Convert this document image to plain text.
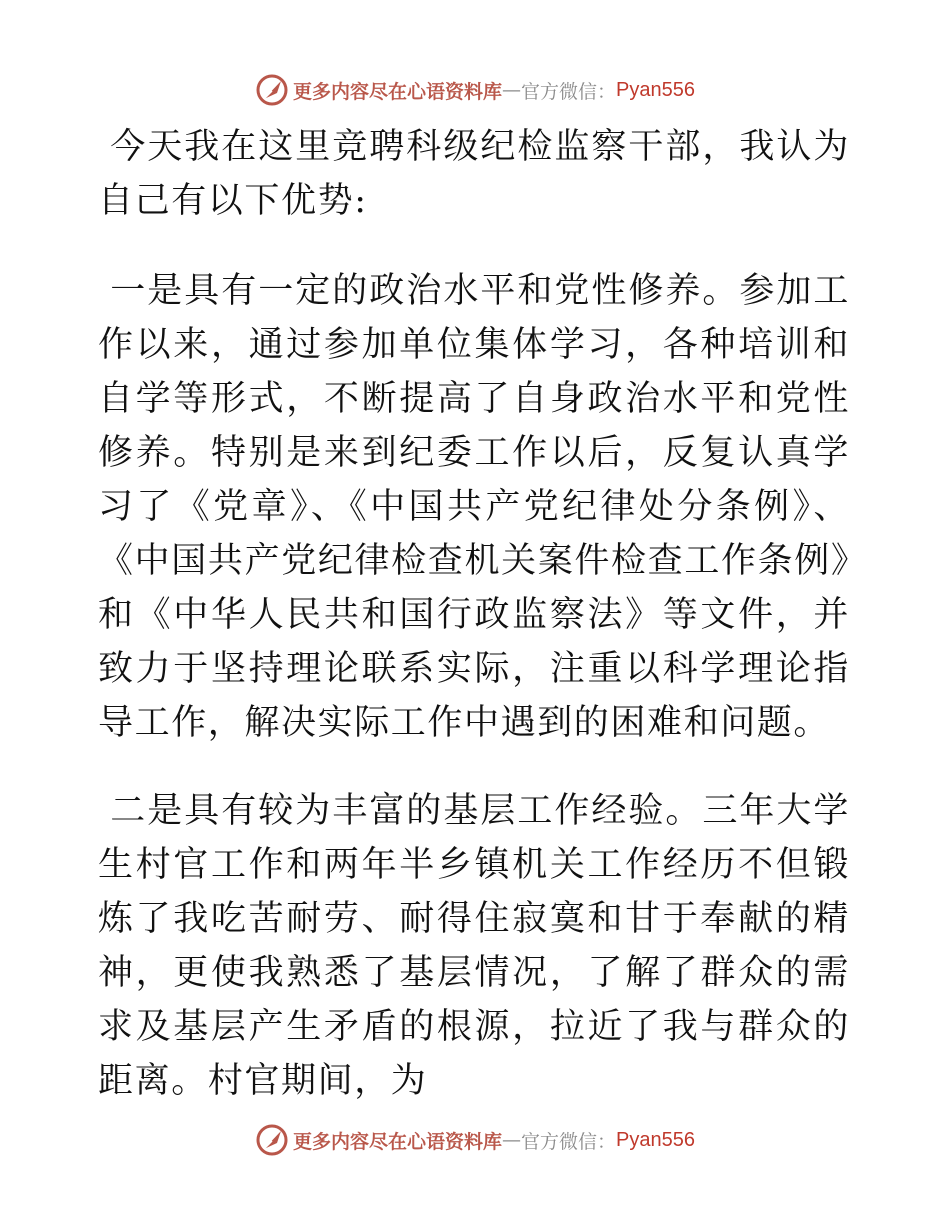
更多内容尽在心语资料库 — 官方微信： Pyan556

今天我在这里竞聘科级纪检监察干部，我认为自己有以下优势:

一是具有一定的政治水平和党性修养。参加工作以来，通过参加单位集体学习，各种培训和自学等形式，不断提高了自身政治水平和党性修养。特别是来到纪委工作以后，反复认真学习了《党章》、《中国共产党纪律处分条例》、《中国共产党纪律检查机关案件检查工作条例》和《中华人民共和国行政监察法》等文件，并致力于坚持理论联系实际，注重以科学理论指导工作，解决实际工作中遇到的困难和问题。

二是具有较为丰富的基层工作经验。三年大学生村官工作和两年半乡镇机关工作经历不但锻炼了我吃苦耐劳、耐得住寂寞和甘于奉献的精神，更使我熟悉了基层情况，了解了群众的需求及基层产生矛盾的根源，拉近了我与群众的距离。村官期间，为

更多内容尽在心语资料库 — 官方微信： Pyan556
